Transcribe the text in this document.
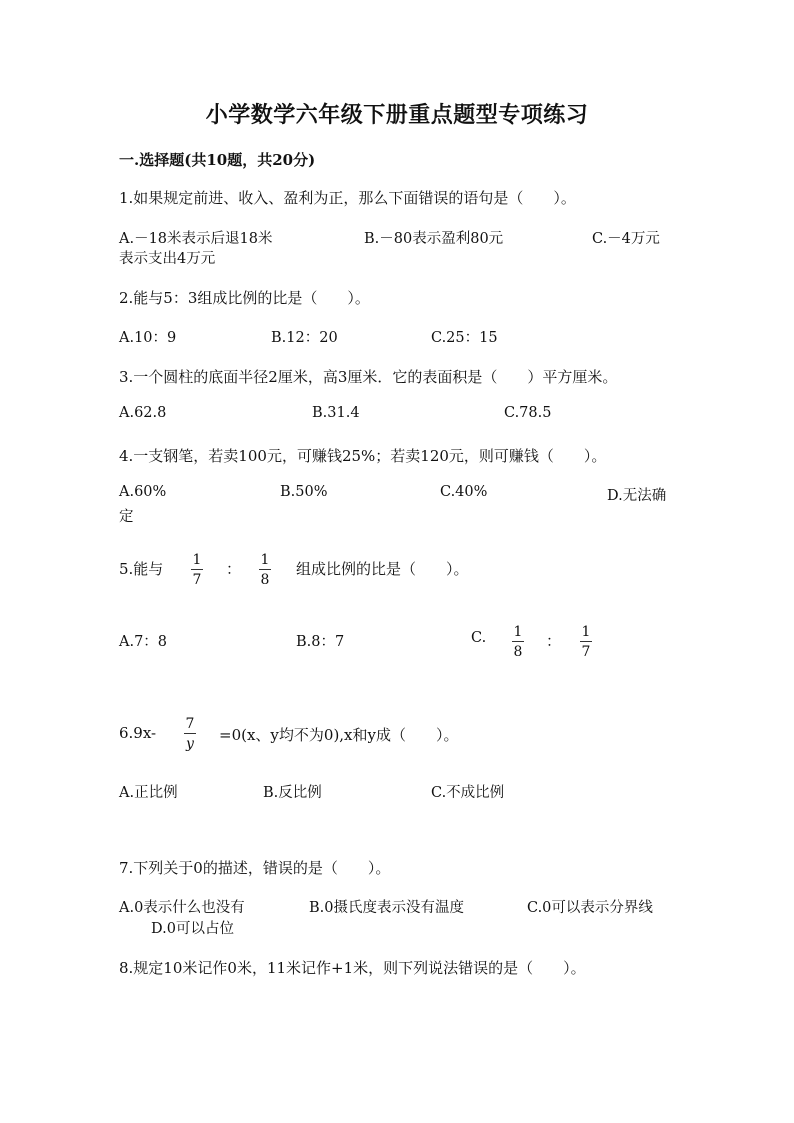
小学数学六年级下册重点题型专项练习
一.选择题(共10题，共20分)
1.如果规定前进、收入、盈利为正，那么下面错误的语句是（　　）。
A.－18米表示后退18米	B.－80表示盈利80元	C.－4万元
表示支出4万元
2.能与5：3组成比例的比是（　　）。
A.10：9	B.12：20	C.25：15
3.一个圆柱的底面半径2厘米，高3厘米．它的表面积是（　　）平方厘米。
A.62.8	B.31.4	C.78.5
4.一支钢笔，若卖100元，可赚钱25%；若卖120元，则可赚钱（　　）。
A.60%	B.50%	C.40%	D.无法确
定
5.能与 1
7
： 1
8
组成比例的比是（　　）。
A.7：8	B.8：7	C. 1
8
： 1
7
6.9x- 7
y =0(x、y均不为0),x和y成（　　）。
A.正比例	B.反比例	C.不成比例
7.下列关于0的描述，错误的是（　　）。
A.0表示什么也没有	B.0摄氏度表示没有温度	C.0可以表示分界线
D.0可以占位
8.规定10米记作0米，11米记作+1米，则下列说法错误的是（　　）。
